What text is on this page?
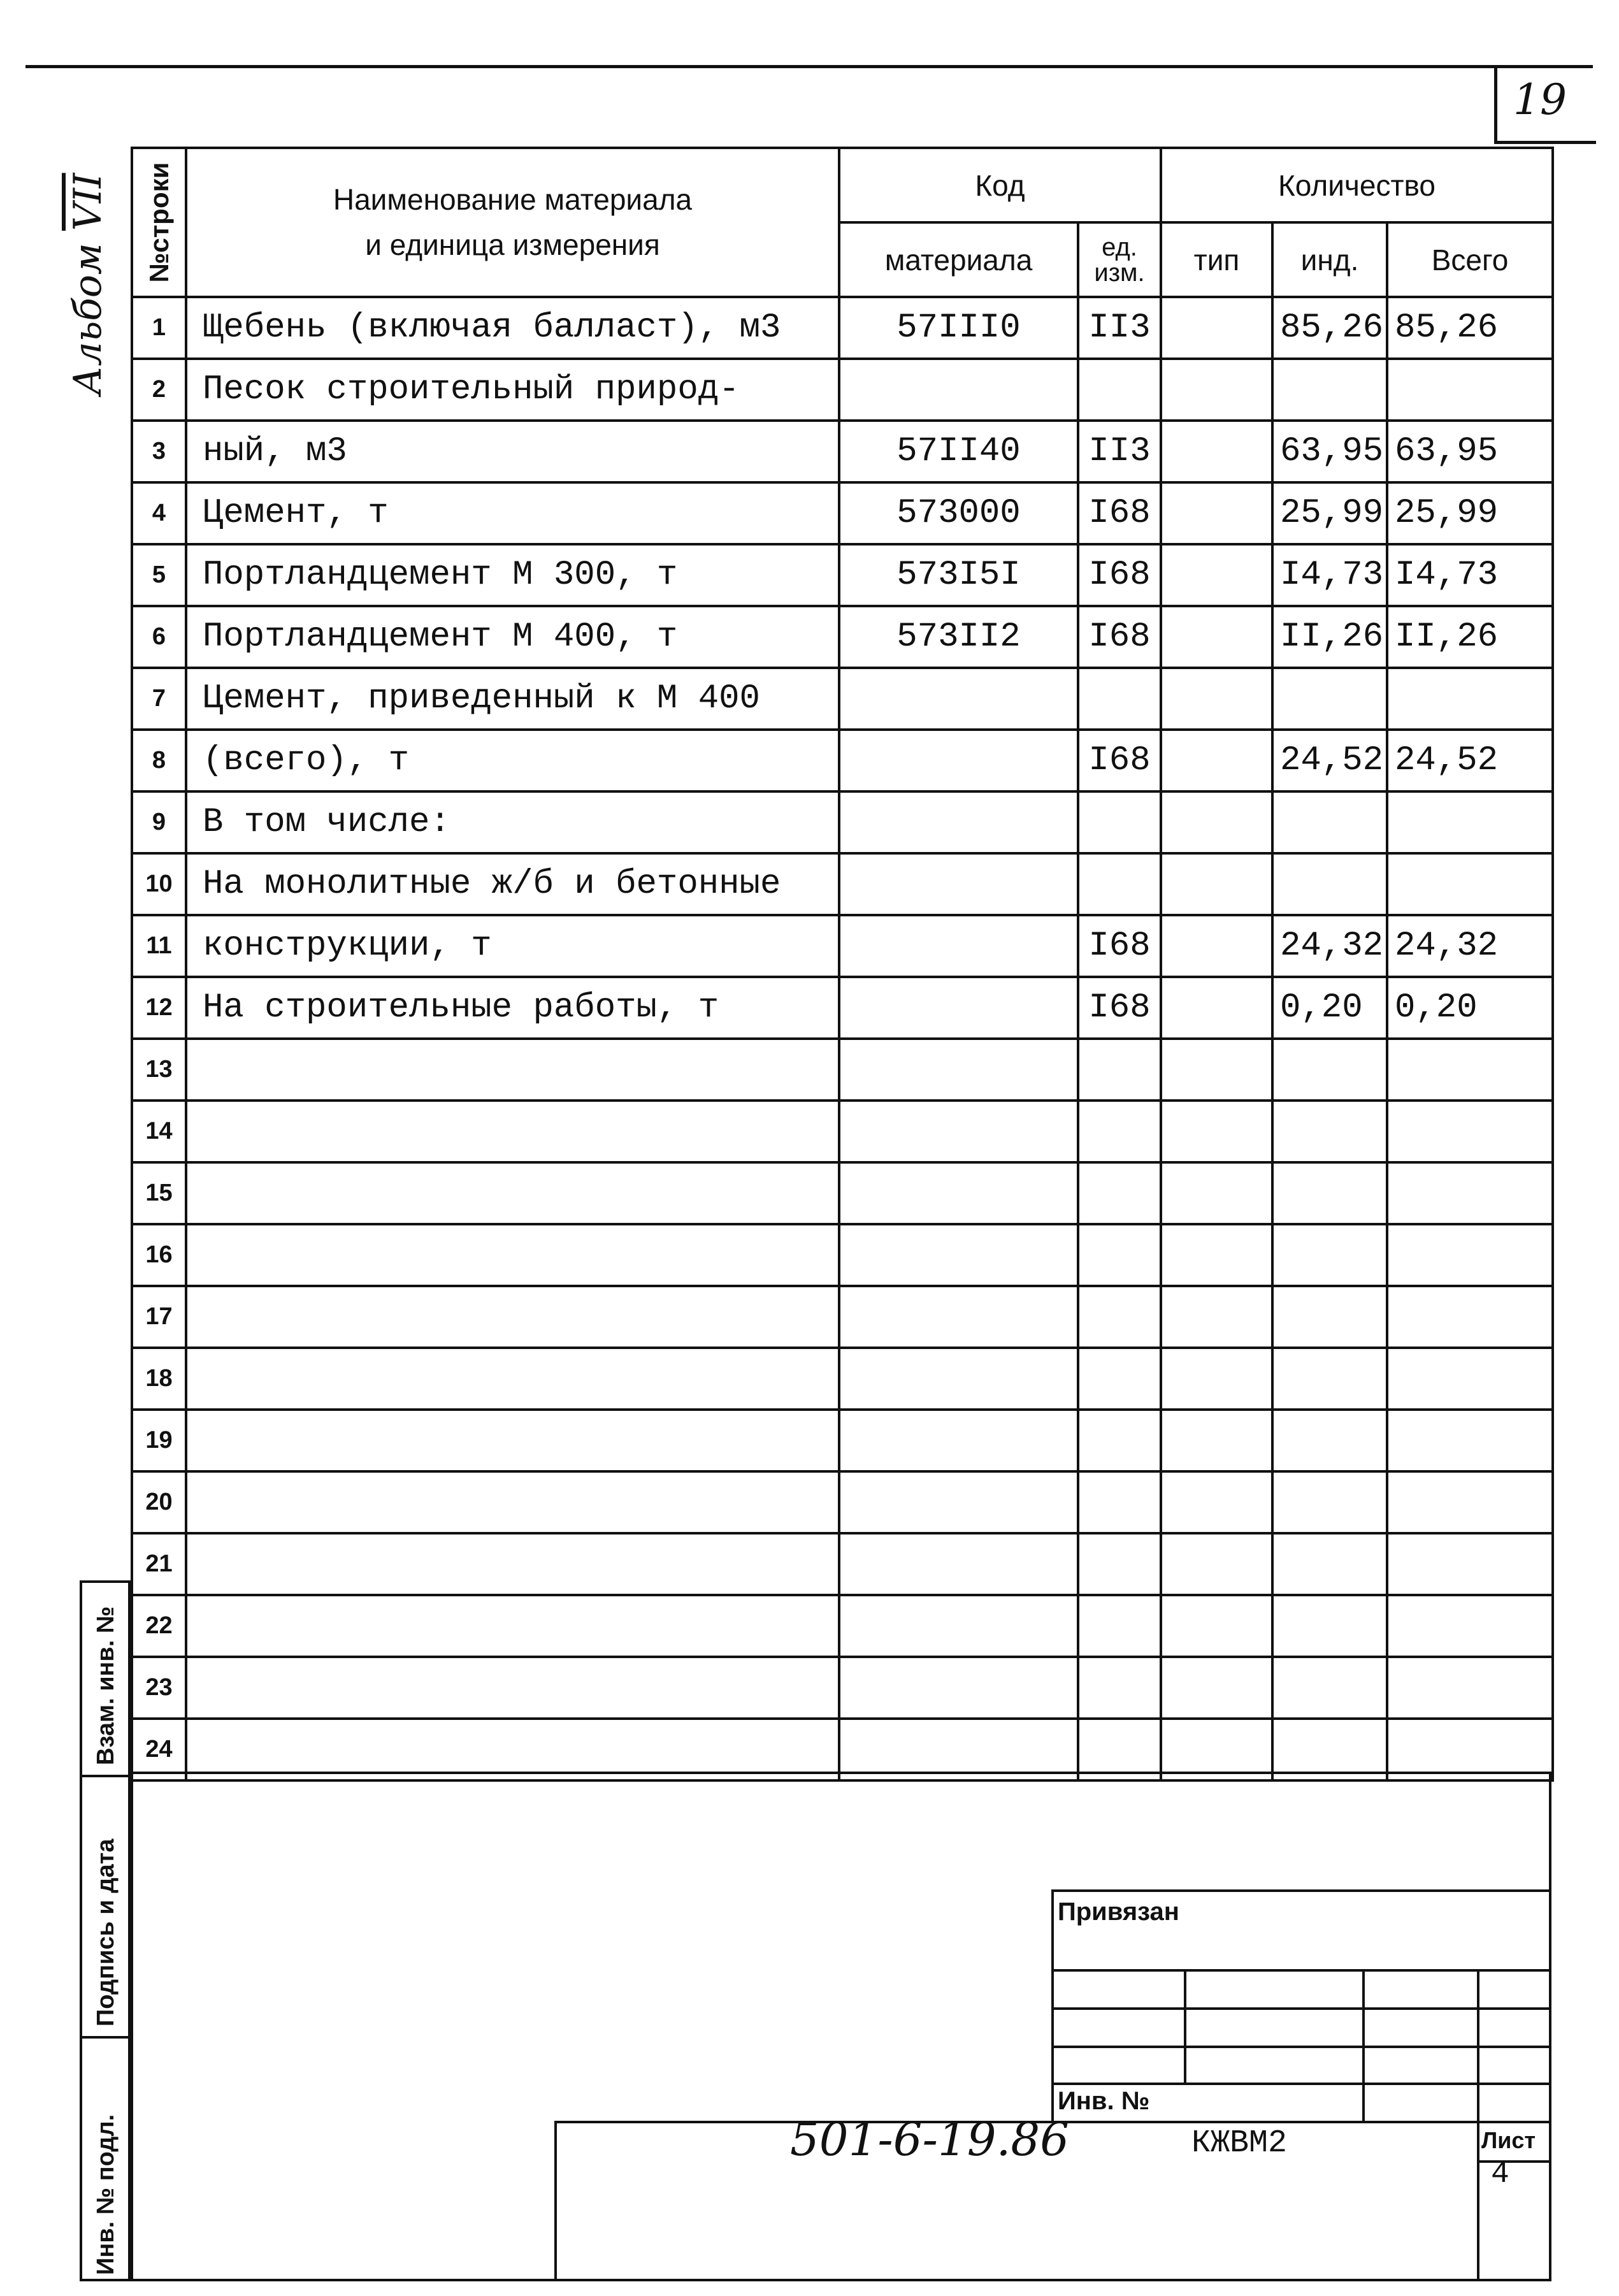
19
Альбом $\overline{VII}$ №строки	Наименование материала
и единица измерения	Код		Количество		
		материала	ед. изм.	тип	инд.	Всего
1	Щебень (включая балласт), м3	57III0	II3		85,26	85,26
2	Песок строительный природ-					
3	ный, м3	57II40	II3		63,95	63,95
4	Цемент, т	573000	I68		25,99	25,99
5	Портландцемент М 300, т	573I5I	I68		I4,73	I4,73
6	Портландцемент М 400, т	573II2	I68		II,26	II,26
7	Цемент, приведенный к М 400					
8	(всего), т		I68		24,52	24,52
9	В том числе:					
10	На монолитные ж/б и бетонные					
11	конструкции, т		I68		24,32	24,32
12	На строительные работы, т		I68		0,20	0,20
13						
14						
15						
16						
17						
18						
19						
20						
21						
22						
23						
24						
Взам. инв. №
Подпись и дата
Инв. № подл.
Привязан
Инв. №
501-6-19.86	КЖВМ2	Лист
4
